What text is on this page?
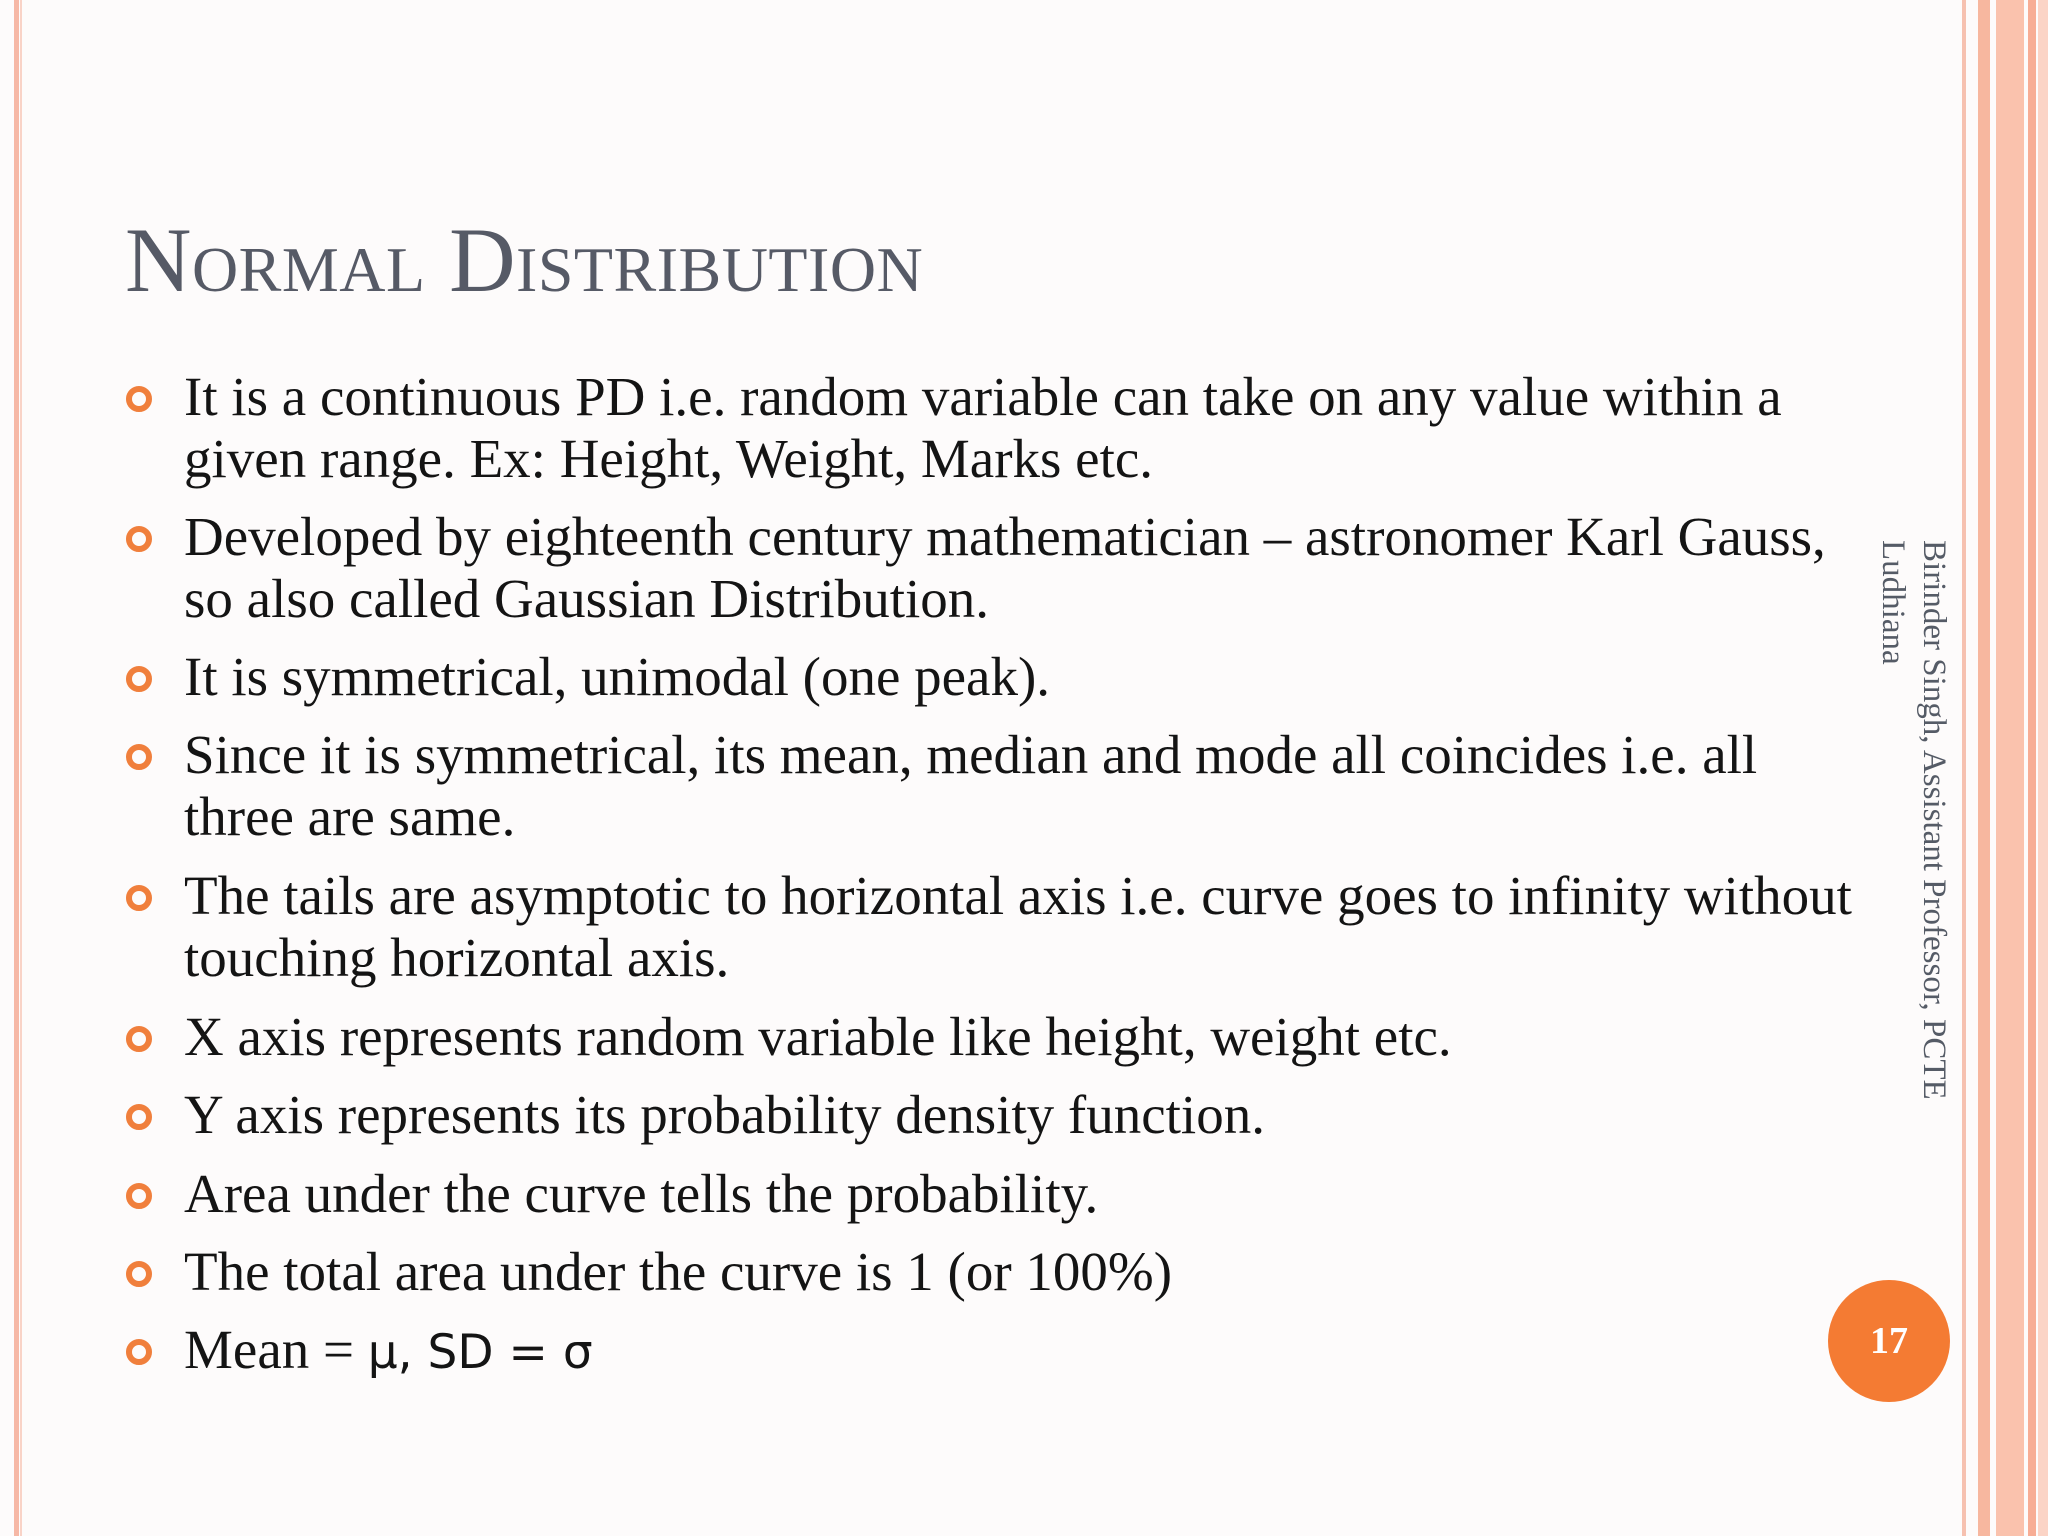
Normal Distribution
It is a continuous PD i.e. random variable can take on any value within a given range. Ex: Height, Weight, Marks etc.
Developed by eighteenth century mathematician – astronomer Karl Gauss, so also called Gaussian Distribution.
It is symmetrical, unimodal (one peak).
Since it is symmetrical, its mean, median and mode all coincides i.e. all three are same.
The tails are asymptotic to horizontal axis i.e. curve goes to infinity without touching horizontal axis.
X axis represents random variable like height, weight etc.
Y axis represents its probability density function.
Area under the curve tells the probability.
The total area under the curve is 1 (or 100%)
Mean = μ, SD = σ
Birinder Singh, Assistant Professor, PCTE
Ludhiana
17
